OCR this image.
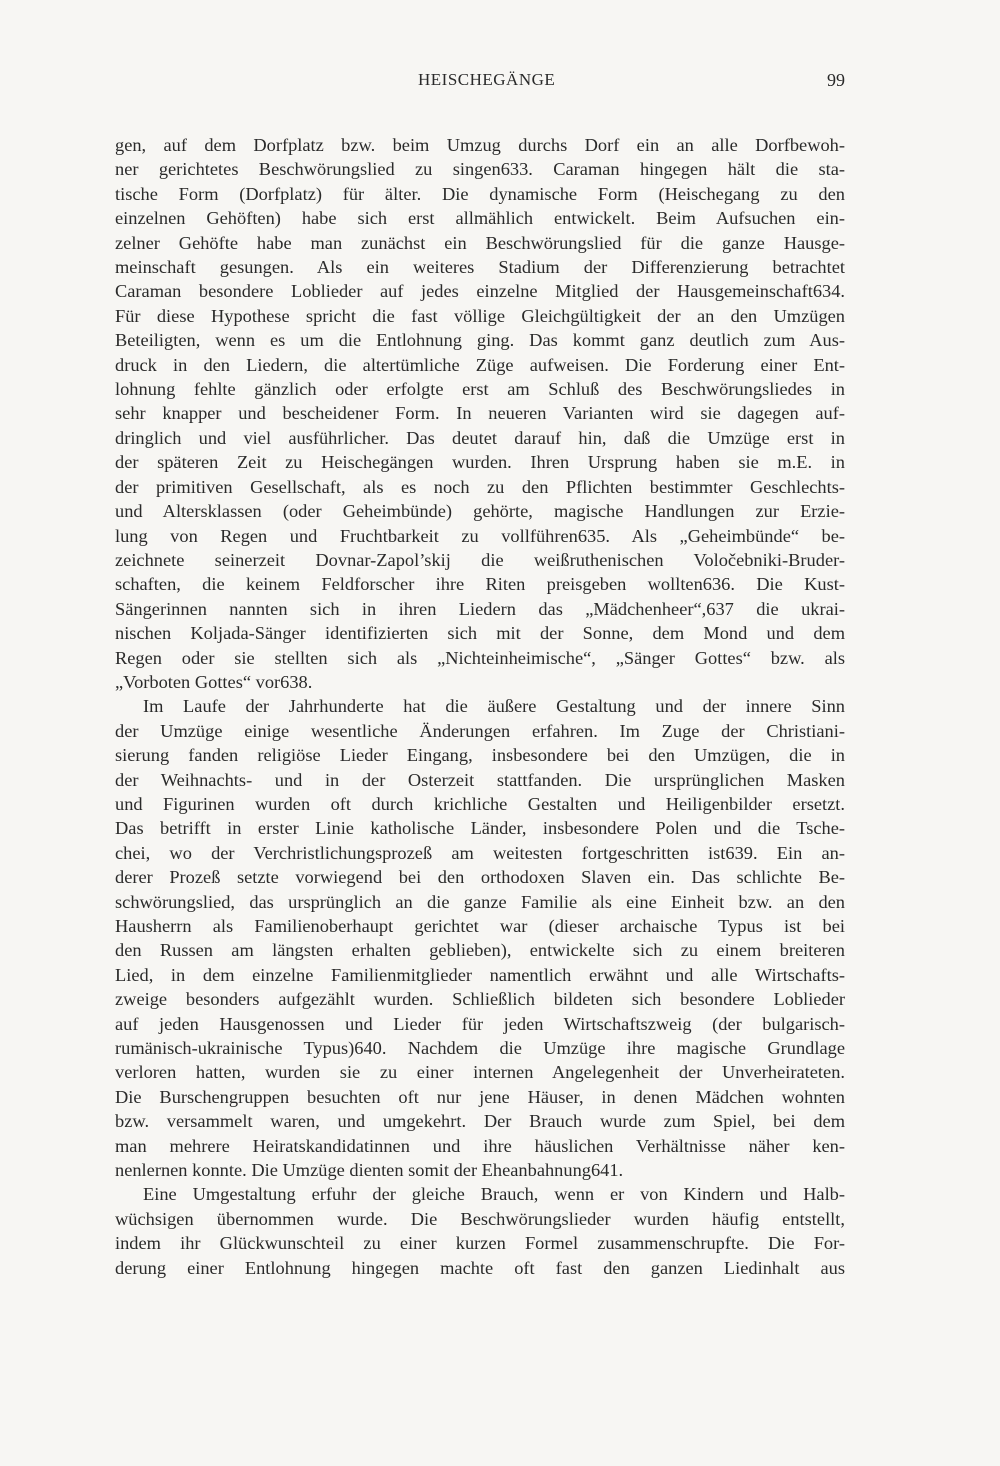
HEISCHEGÄNGE	99
gen, auf dem Dorfplatz bzw. beim Umzug durchs Dorf ein an alle Dorfbewoh-
ner gerichtetes Beschwörungslied zu singen633. Caraman hingegen hält die sta-
tische Form (Dorfplatz) für älter. Die dynamische Form (Heischegang zu den
einzelnen Gehöften) habe sich erst allmählich entwickelt. Beim Aufsuchen ein-
zelner Gehöfte habe man zunächst ein Beschwörungslied für die ganze Hausge-
meinschaft gesungen. Als ein weiteres Stadium der Differenzierung betrachtet
Caraman besondere Loblieder auf jedes einzelne Mitglied der Hausgemeinschaft634.
Für diese Hypothese spricht die fast völlige Gleichgültigkeit der an den Umzügen
Beteiligten, wenn es um die Entlohnung ging. Das kommt ganz deutlich zum Aus-
druck in den Liedern, die altertümliche Züge aufweisen. Die Forderung einer Ent-
lohnung fehlte gänzlich oder erfolgte erst am Schluß des Beschwörungsliedes in
sehr knapper und bescheidener Form. In neueren Varianten wird sie dagegen auf-
dringlich und viel ausführlicher. Das deutet darauf hin, daß die Umzüge erst in
der späteren Zeit zu Heischegängen wurden. Ihren Ursprung haben sie m.E. in
der primitiven Gesellschaft, als es noch zu den Pflichten bestimmter Geschlechts-
und Altersklassen (oder Geheimbünde) gehörte, magische Handlungen zur Erzie-
lung von Regen und Fruchtbarkeit zu vollführen635. Als „Geheimbünde“ be-
zeichnete seinerzeit Dovnar-Zapol’skij die weißruthenischen Voločebniki-Bruder-
schaften, die keinem Feldforscher ihre Riten preisgeben wollten636. Die Kust-
Sängerinnen nannten sich in ihren Liedern das „Mädchenheer“,637 die ukrai-
nischen Koljada-Sänger identifizierten sich mit der Sonne, dem Mond und dem
Regen oder sie stellten sich als „Nichteinheimische“, „Sänger Gottes“ bzw. als
„Vorboten Gottes“ vor638.
Im Laufe der Jahrhunderte hat die äußere Gestaltung und der innere Sinn
der Umzüge einige wesentliche Änderungen erfahren. Im Zuge der Christiani-
sierung fanden religiöse Lieder Eingang, insbesondere bei den Umzügen, die in
der Weihnachts- und in der Osterzeit stattfanden. Die ursprünglichen Masken
und Figurinen wurden oft durch krichliche Gestalten und Heiligenbilder ersetzt.
Das betrifft in erster Linie katholische Länder, insbesondere Polen und die Tsche-
chei, wo der Verchristlichungsprozeß am weitesten fortgeschritten ist639. Ein an-
derer Prozeß setzte vorwiegend bei den orthodoxen Slaven ein. Das schlichte Be-
schwörungslied, das ursprünglich an die ganze Familie als eine Einheit bzw. an den
Hausherrn als Familienoberhaupt gerichtet war (dieser archaische Typus ist bei
den Russen am längsten erhalten geblieben), entwickelte sich zu einem breiteren
Lied, in dem einzelne Familienmitglieder namentlich erwähnt und alle Wirtschafts-
zweige besonders aufgezählt wurden. Schließlich bildeten sich besondere Loblieder
auf jeden Hausgenossen und Lieder für jeden Wirtschaftszweig (der bulgarisch-
rumänisch-ukrainische Typus)640. Nachdem die Umzüge ihre magische Grundlage
verloren hatten, wurden sie zu einer internen Angelegenheit der Unverheirateten.
Die Burschengruppen besuchten oft nur jene Häuser, in denen Mädchen wohnten
bzw. versammelt waren, und umgekehrt. Der Brauch wurde zum Spiel, bei dem
man mehrere Heiratskandidatinnen und ihre häuslichen Verhältnisse näher ken-
nenlernen konnte. Die Umzüge dienten somit der Eheanbahnung641.
Eine Umgestaltung erfuhr der gleiche Brauch, wenn er von Kindern und Halb-
wüchsigen übernommen wurde. Die Beschwörungslieder wurden häufig entstellt,
indem ihr Glückwunschteil zu einer kurzen Formel zusammenschrupfte. Die For-
derung einer Entlohnung hingegen machte oft fast den ganzen Liedinhalt aus
